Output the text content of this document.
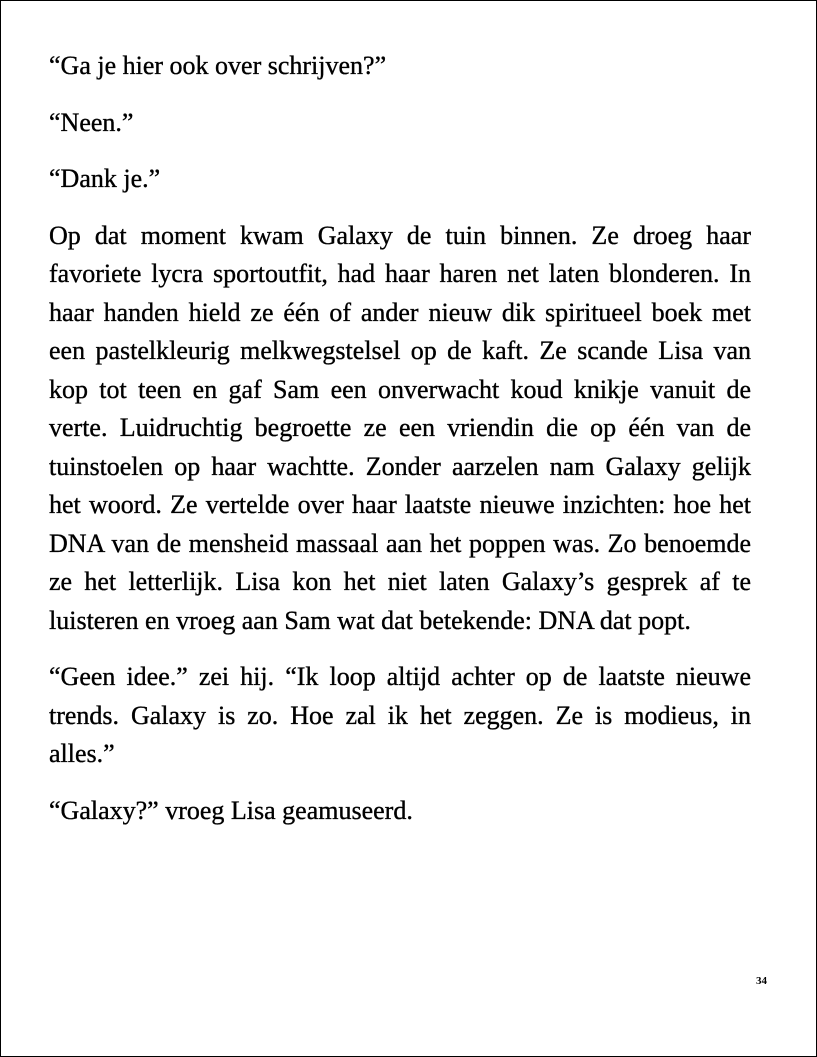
“Ga je hier ook over schrijven?”

“Neen.”

“Dank je.”

Op dat moment kwam Galaxy de tuin binnen. Ze droeg haar favoriete lycra sportoutfit, had haar haren net laten blonderen. In haar handen hield ze één of ander nieuw dik spiritueel boek met een pastelkleurig melkwegstelsel op de kaft. Ze scande Lisa van kop tot teen en gaf Sam een onverwacht koud knikje vanuit de verte. Luidruchtig begroette ze een vriendin die op één van de tuinstoelen op haar wachtte. Zonder aarzelen nam Galaxy gelijk het woord. Ze vertelde over haar laatste nieuwe inzichten: hoe het DNA van de mensheid massaal aan het poppen was. Zo benoemde ze het letterlijk. Lisa kon het niet laten Galaxy’s gesprek af te luisteren en vroeg aan Sam wat dat betekende: DNA dat popt.

“Geen idee.” zei hij. “Ik loop altijd achter op de laatste nieuwe trends. Galaxy is zo. Hoe zal ik het zeggen. Ze is modieus, in alles.”

“Galaxy?” vroeg Lisa geamuseerd.

34
